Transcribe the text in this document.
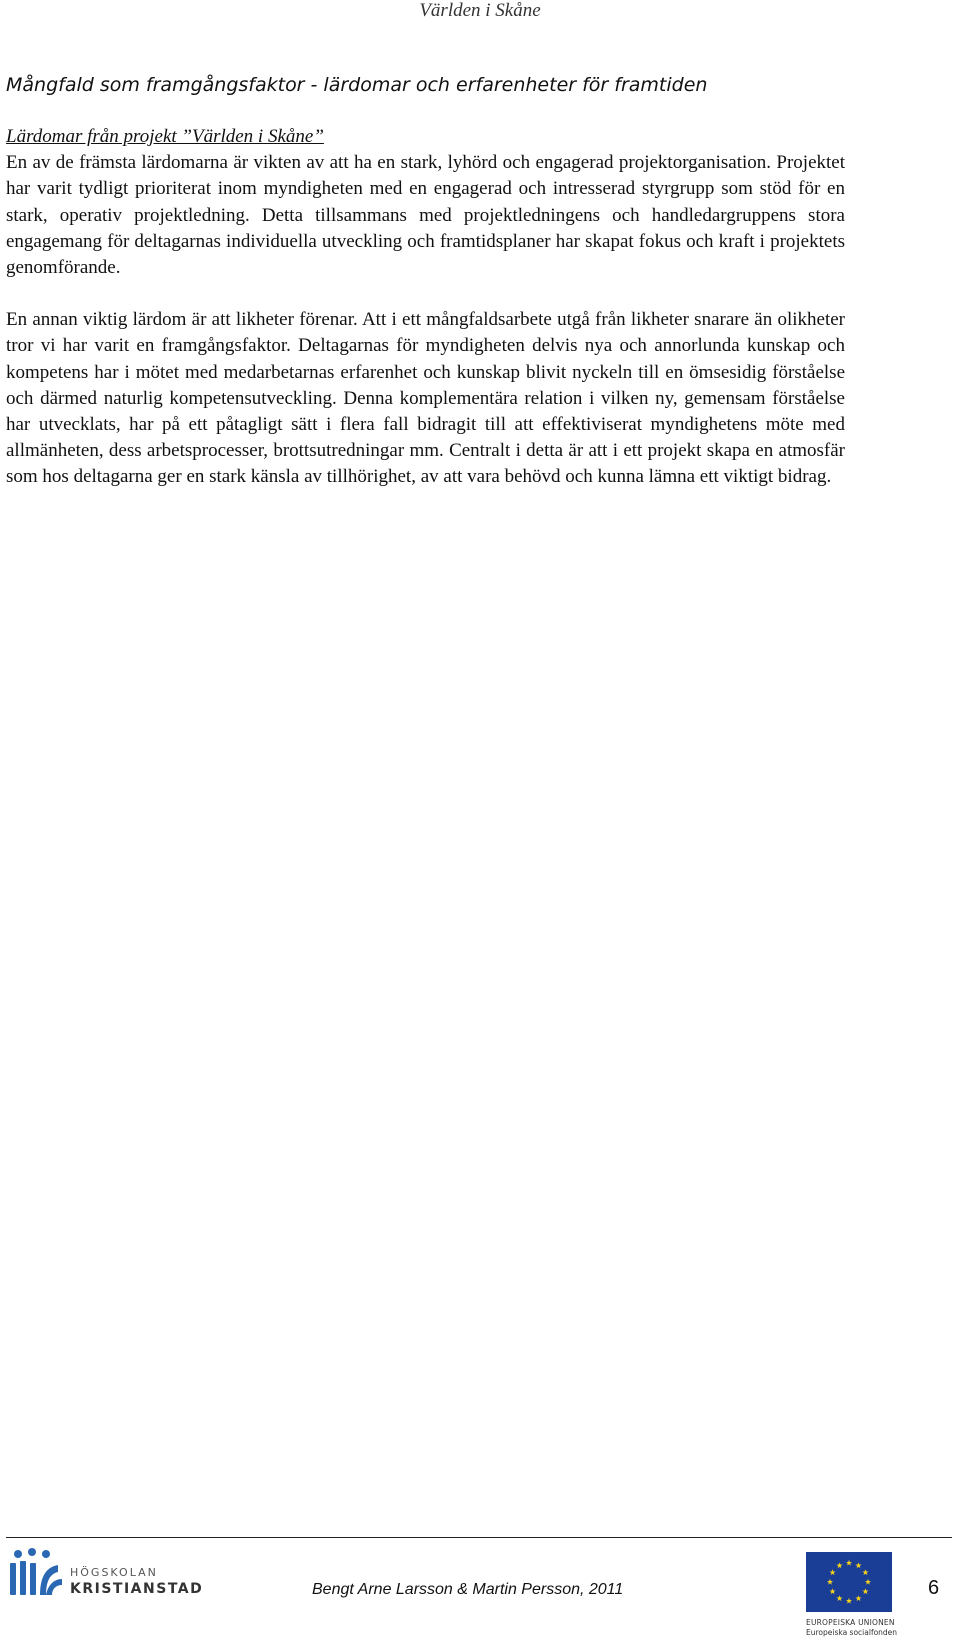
Världen i Skåne
Mångfald som framgångsfaktor - lärdomar och erfarenheter för framtiden
Lärdomar från projekt ”Världen i Skåne”

En av de främsta lärdomarna är vikten av att ha en stark, lyhörd och engagerad projektorganisation. Projektet har varit tydligt prioriterat inom myndigheten med en engagerad och intresserad styrgrupp som stöd för en stark, operativ projektledning. Detta tillsammans med projektledningens och handledargruppens stora engagemang för deltagarnas individuella utveckling och framtidsplaner har skapat fokus och kraft i projektets genomförande.

En annan viktig lärdom är att likheter förenar. Att i ett mångfaldsarbete utgå från likheter snarare än olikheter tror vi har varit en framgångsfaktor. Deltagarnas för myndigheten delvis nya och annorlunda kunskap och kompetens har i mötet med medarbetarnas erfarenhet och kunskap blivit nyckeln till en ömsesidig förståelse och därmed naturlig kompetensutveckling. Denna komplementära relation i vilken ny, gemensam förståelse har utvecklats, har på ett påtagligt sätt i flera fall bidragit till att effektiviserat myndighetens möte med allmänheten, dess arbetsprocesser, brottsutredningar mm. Centralt i detta är att i ett projekt skapa en atmosfär som hos deltagarna ger en stark känsla av tillhörighet, av att vara behövd och kunna lämna ett viktigt bidrag.

HÖGSKOLAN
KRISTIANSTAD	Bengt Arne Larsson & Martin Persson, 2011
EUROPEISKA UNIONEN
Europeiska socialfonden
6
